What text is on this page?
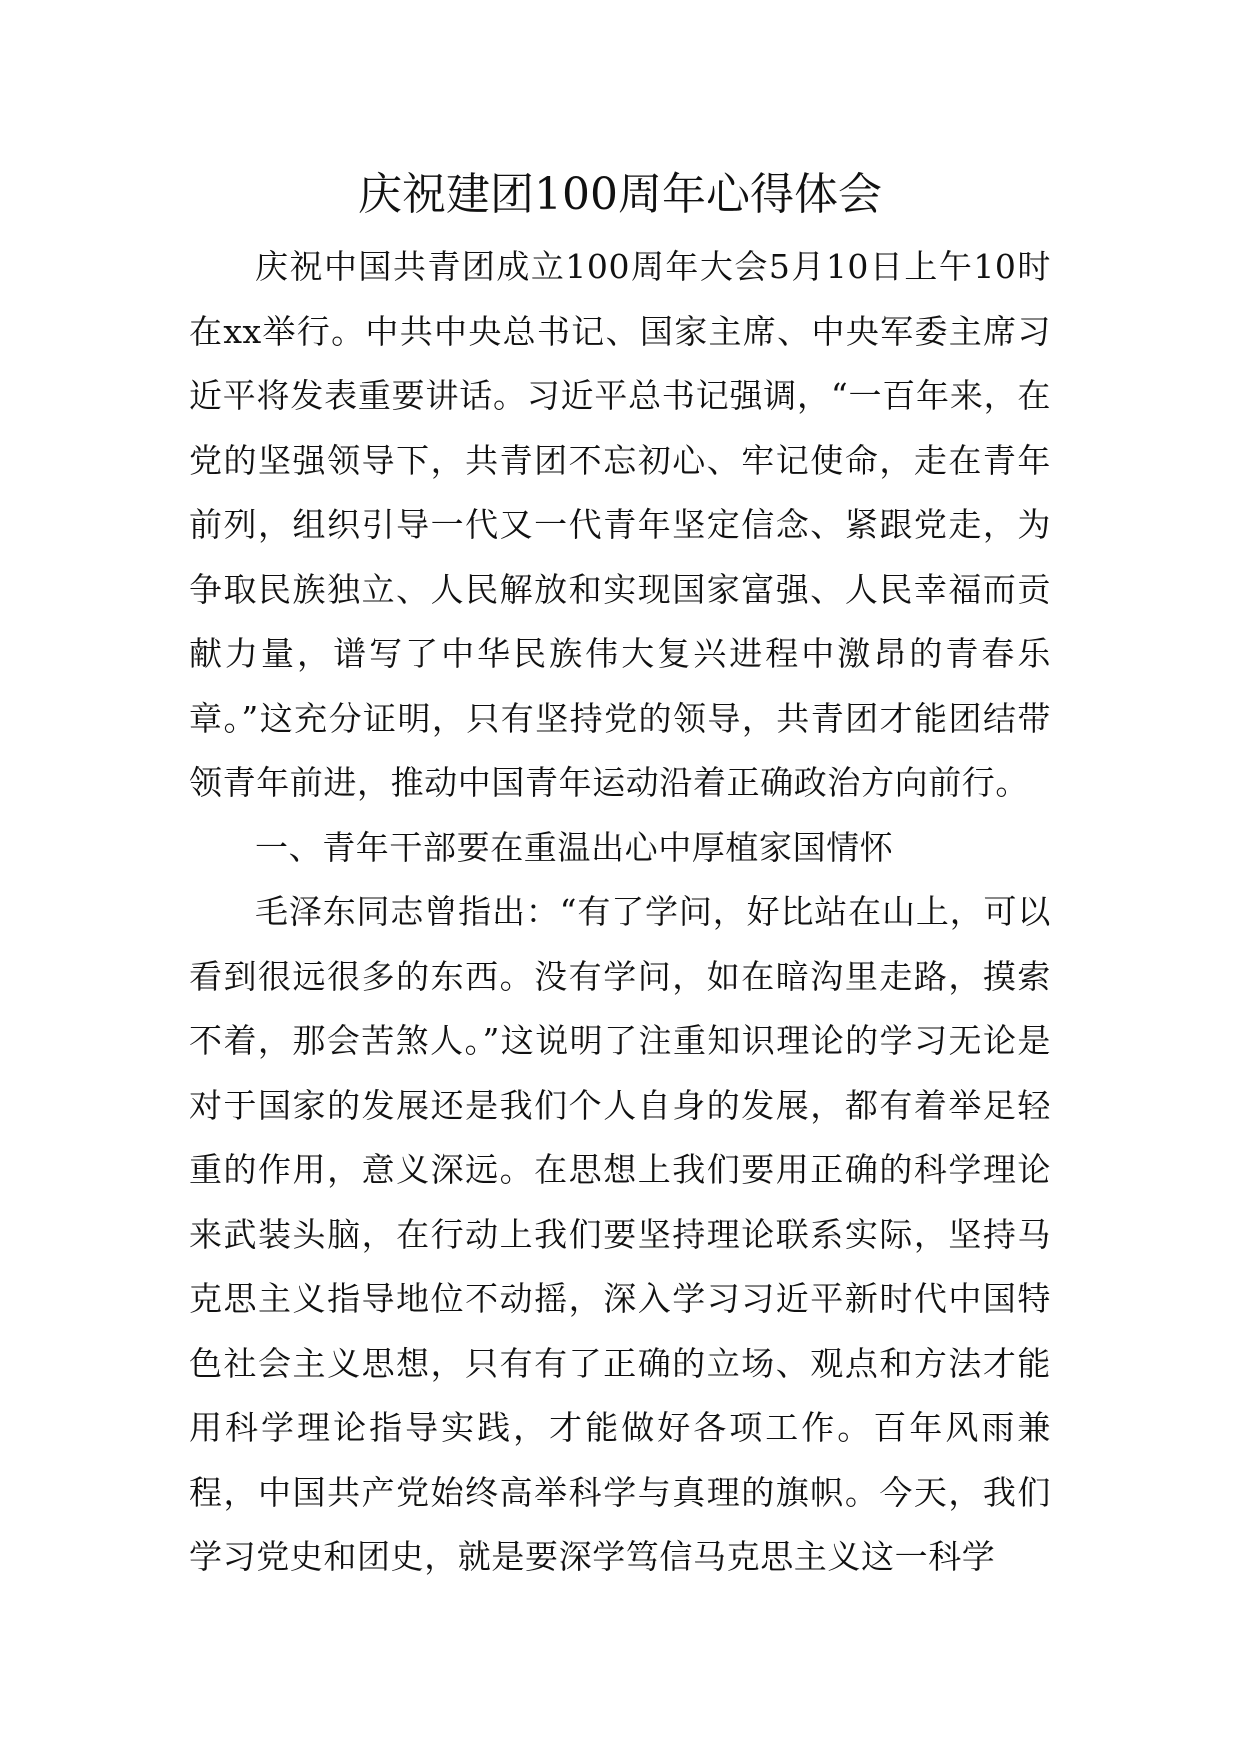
庆祝建团100周年心得体会

庆祝中国共青团成立100周年大会5月10日上午10时在xx举行。中共中央总书记、国家主席、中央军委主席习近平将发表重要讲话。习近平总书记强调，“一百年来，在党的坚强领导下，共青团不忘初心、牢记使命，走在青年前列，组织引导一代又一代青年坚定信念、紧跟党走，为争取民族独立、人民解放和实现国家富强、人民幸福而贡献力量，谱写了中华民族伟大复兴进程中激昂的青春乐章。”这充分证明，只有坚持党的领导，共青团才能团结带领青年前进，推动中国青年运动沿着正确政治方向前行。

一、青年干部要在重温出心中厚植家国情怀

毛泽东同志曾指出：“有了学问，好比站在山上，可以看到很远很多的东西。没有学问，如在暗沟里走路，摸索不着，那会苦煞人。”这说明了注重知识理论的学习无论是对于国家的发展还是我们个人自身的发展，都有着举足轻重的作用，意义深远。在思想上我们要用正确的科学理论来武装头脑，在行动上我们要坚持理论联系实际，坚持马克思主义指导地位不动摇，深入学习习近平新时代中国特色社会主义思想，只有有了正确的立场、观点和方法才能用科学理论指导实践，才能做好各项工作。百年风雨兼程，中国共产党始终高举科学与真理的旗帜。今天，我们学习党史和团史，就是要深学笃信马克思主义这一科学
